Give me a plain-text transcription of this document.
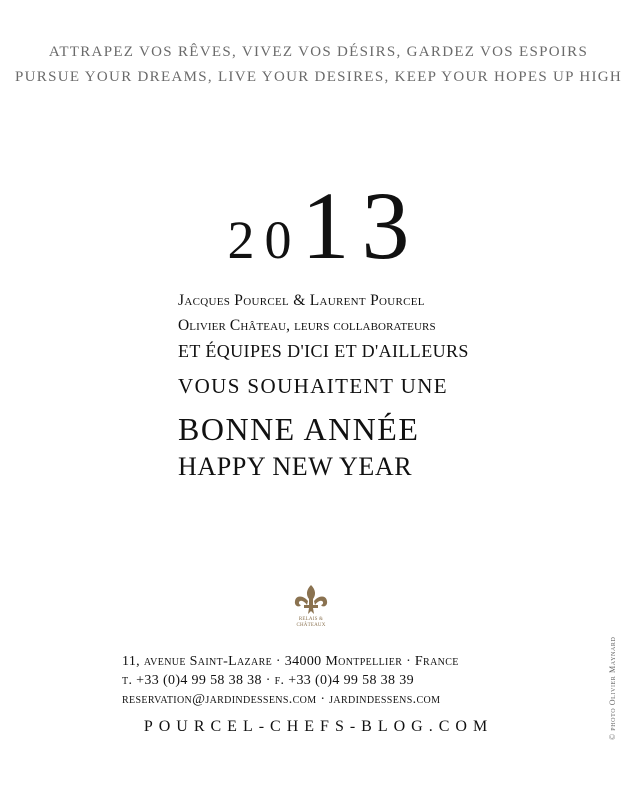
ATTRAPEZ VOS RÊVES, VIVEZ VOS DÉSIRS, GARDEZ VOS ESPOIRS
PURSUE YOUR DREAMS, LIVE YOUR DESIRES, KEEP YOUR HOPES UP HIGH
2013
Jacques Pourcel & Laurent Pourcel
Olivier Château, leurs collaborateurs
ET ÉQUIPES D'ICI ET D'AILLEURS
VOUS SOUHAITENT UNE
BONNE ANNÉE
HAPPY NEW YEAR
RELAIS &
CHÂTEAUX
11, avenue Saint-Lazare · 34000 Montpellier · France
t. +33 (0)4 99 58 38 38 · f. +33 (0)4 99 58 38 39
reservation@jardindessens.com · jardindessens.com
POURCEL-CHEFS-BLOG.COM	© photo Olivier Maynard
